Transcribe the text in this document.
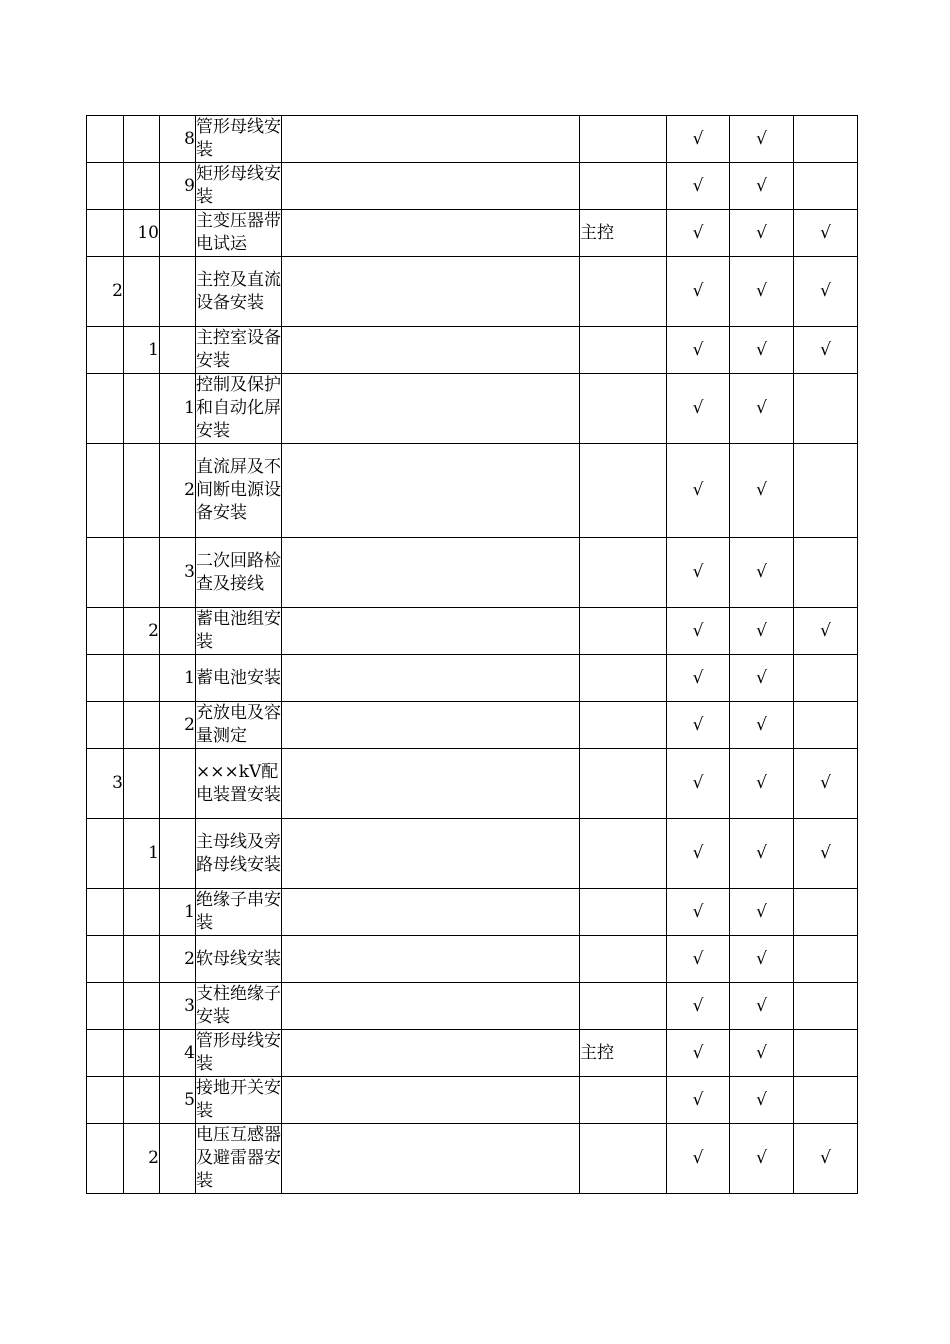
		8	管形母线安装			√	√	
		9	矩形母线安装			√	√	
	10		主变压器带电试运		主控	√	√	√
2			主控及直流设备安装			√	√	√
	1		主控室设备安装			√	√	√
		1	控制及保护和自动化屏安装			√	√	
		2	直流屏及不间断电源设备安装			√	√	
		3	二次回路检查及接线			√	√	
	2		蓄电池组安装			√	√	√
		1	蓄电池安装			√	√	
		2	充放电及容量测定			√	√	
3			×××kV配电装置安装			√	√	√
	1		主母线及旁路母线安装			√	√	√
		1	绝缘子串安装			√	√	
		2	软母线安装			√	√	
		3	支柱绝缘子安装			√	√	
		4	管形母线安装		主控	√	√	
		5	接地开关安装			√	√	
	2		电压互感器及避雷器安装			√	√	√
